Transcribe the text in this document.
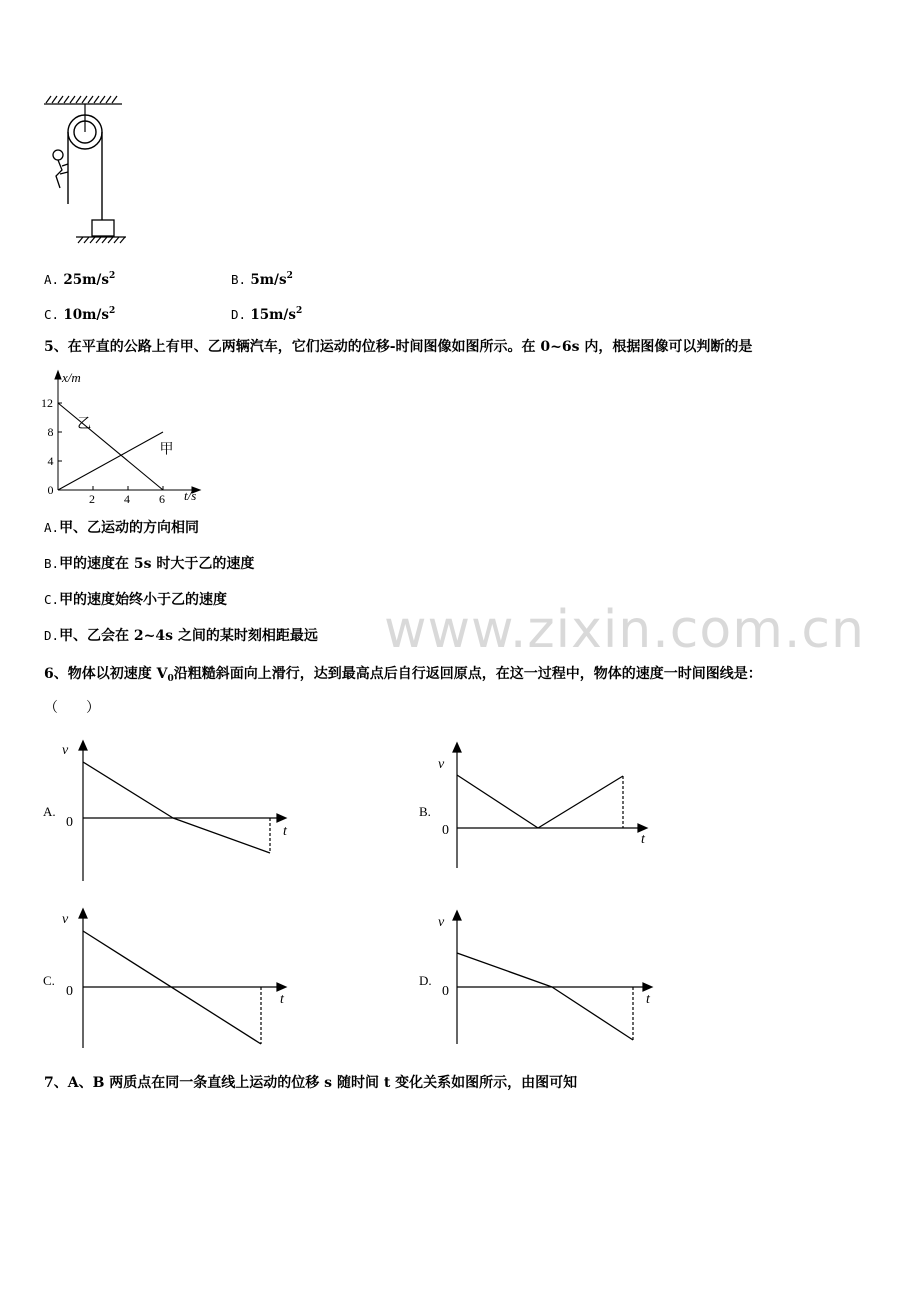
A. $25m/s^2$	B. $5m/s^2$
C. $10m/s^2$	D. $15m/s^2$
5、在平直的公路上有甲、乙两辆汽车，它们运动的位移-时间图像如图所示。在 0~6s 内，根据图像可以判断的是
2 4 6
12
8
4
0
乙
甲
x/m
t/s
A.甲、乙运动的方向相同
B.甲的速度在 5s 时大于乙的速度
C.甲的速度始终小于乙的速度
D.甲、乙会在 2~4s 之间的某时刻相距最远 www.zixin.com.cn
6、物体以初速度 $V_0$沿粗糙斜面向上滑行，达到最高点后自行返回原点，在这一过程中，物体的速度一时间图线是：
（　　）
A.
v
0
t
B.
v
0
t
C.
v
0
t
D.
v
0
t
7、A、B 两质点在同一条直线上运动的位移 s 随时间 t 变化关系如图所示，由图可知
